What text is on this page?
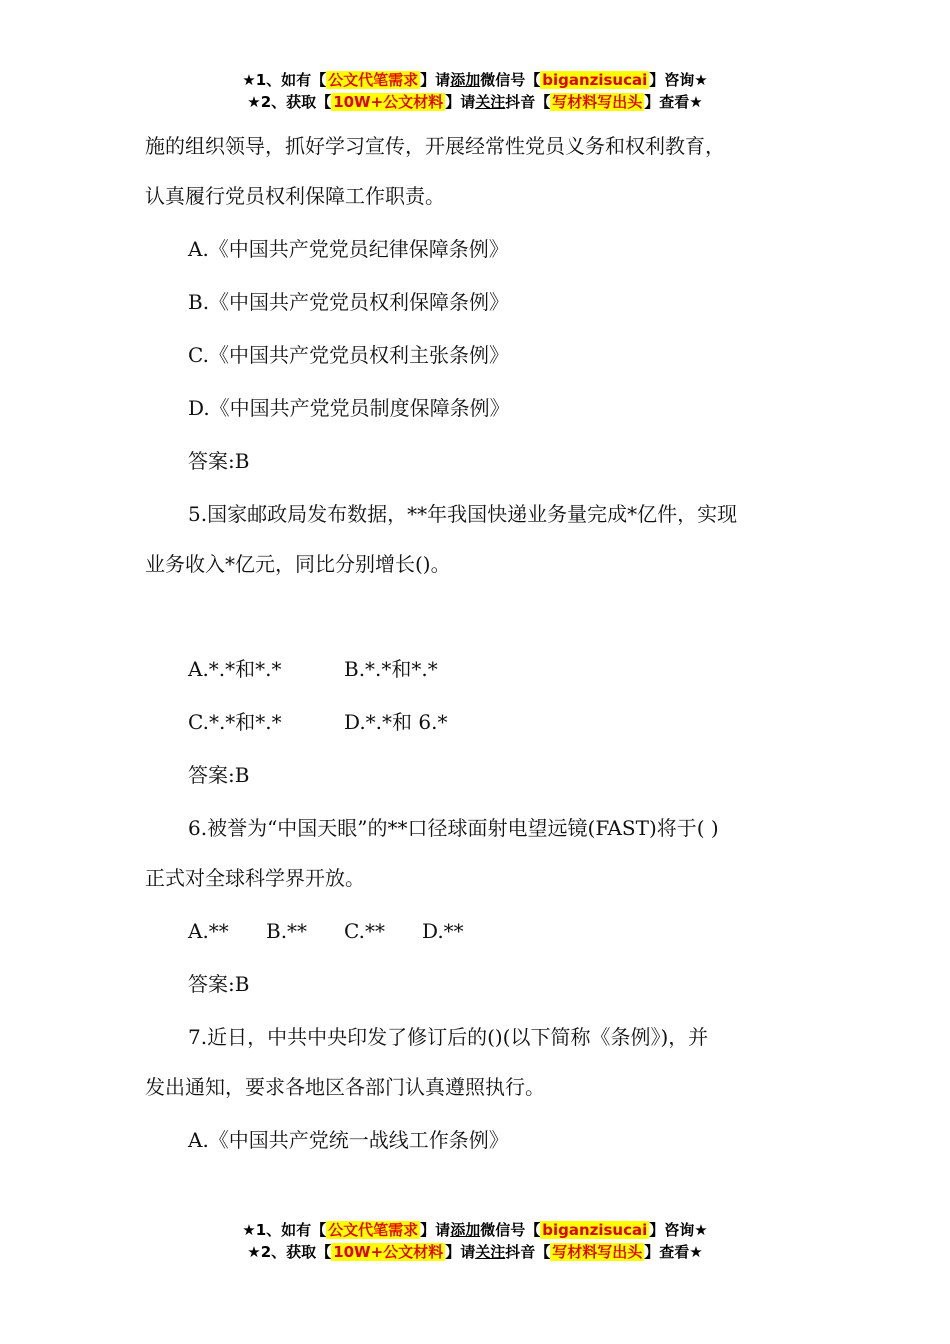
★1、如有【 公文代笔需求 】请添加微信号【 biganzisucai 】咨询★
★2、获取【 10W+公文材料 】请关注抖音【 写材料写出头 】查看★
施的组织领导，抓好学习宣传，开展经常性党员义务和权利教育，
认真履行党员权利保障工作职责。
A.《中国共产党党员纪律保障条例》
B.《中国共产党党员权利保障条例》
C.《中国共产党党员权利主张条例》
D.《中国共产党党员制度保障条例》
答案:B
5.国家邮政局发布数据，**年我国快递业务量完成*亿件，实现
业务收入*亿元，同比分别增长()。
A.*.*和*.*	B.*.*和*.*
C.*.*和*.*	D.*.*和 6.*
答案:B
6.被誉为“中国天眼”的**口径球面射电望远镜(FAST)将于( )
正式对全球科学界开放。
A.** B.** C.** D.**
答案:B
7.近日，中共中央印发了修订后的()(以下简称《条例》)，并
发出通知，要求各地区各部门认真遵照执行。
A.《中国共产党统一战线工作条例》
★1、如有【 公文代笔需求 】请添加微信号【 biganzisucai 】咨询★
★2、获取【 10W+公文材料 】请关注抖音【 写材料写出头 】查看★
